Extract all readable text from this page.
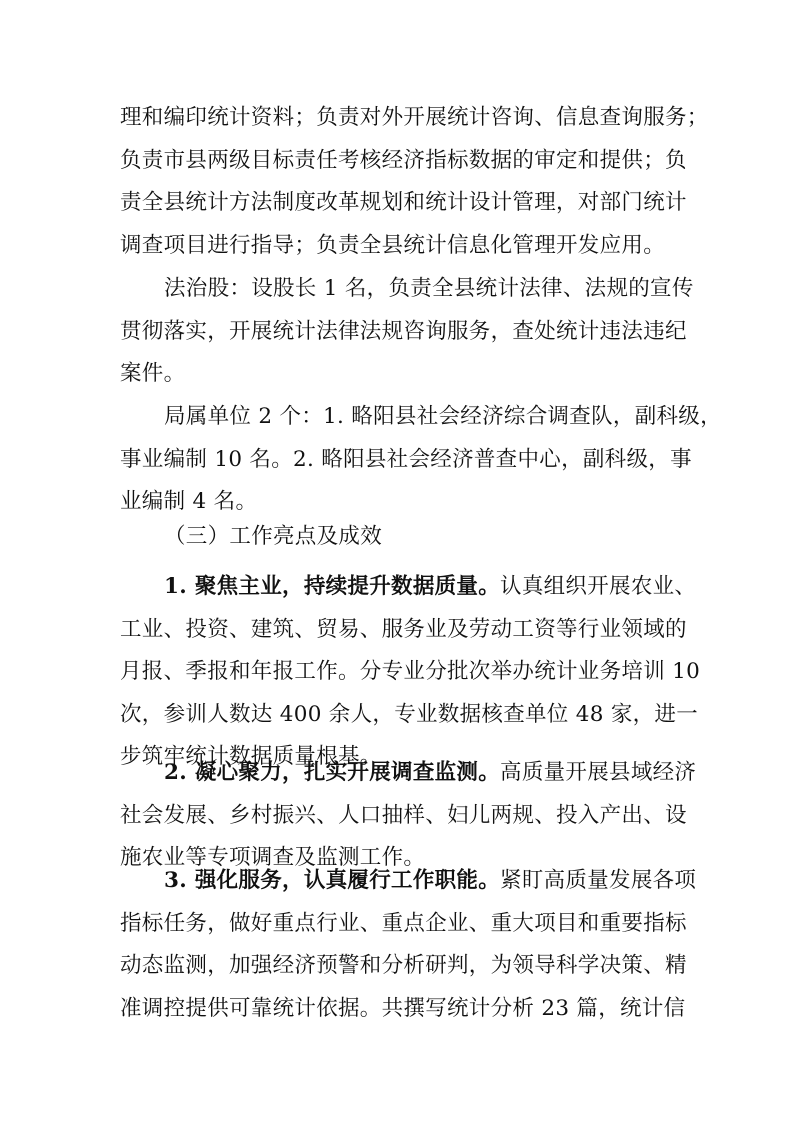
理和编印统计资料；负责对外开展统计咨询、信息查询服务；
负责市县两级目标责任考核经济指标数据的审定和提供；负
责全县统计方法制度改革规划和统计设计管理，对部门统计
调查项目进行指导；负责全县统计信息化管理开发应用。
法治股：设股长 1 名，负责全县统计法律、法规的宣传
贯彻落实，开展统计法律法规咨询服务，查处统计违法违纪
案件。
局属单位 2 个：1. 略阳县社会经济综合调查队，副科级，
事业编制 10 名。2. 略阳县社会经济普查中心，副科级，事
业编制 4 名。
（三）工作亮点及成效
1. 聚焦主业，持续提升数据质量。认真组织开展农业、
工业、投资、建筑、贸易、服务业及劳动工资等行业领域的
月报、季报和年报工作。分专业分批次举办统计业务培训 10
次，参训人数达 400 余人，专业数据核查单位 48 家，进一
步筑牢统计数据质量根基。
2. 凝心聚力，扎实开展调查监测。高质量开展县域经济
社会发展、乡村振兴、人口抽样、妇儿两规、投入产出、设
施农业等专项调查及监测工作。
3. 强化服务，认真履行工作职能。紧盯高质量发展各项
指标任务，做好重点行业、重点企业、重大项目和重要指标
动态监测，加强经济预警和分析研判，为领导科学决策、精
准调控提供可靠统计依据。共撰写统计分析 23 篇，统计信
